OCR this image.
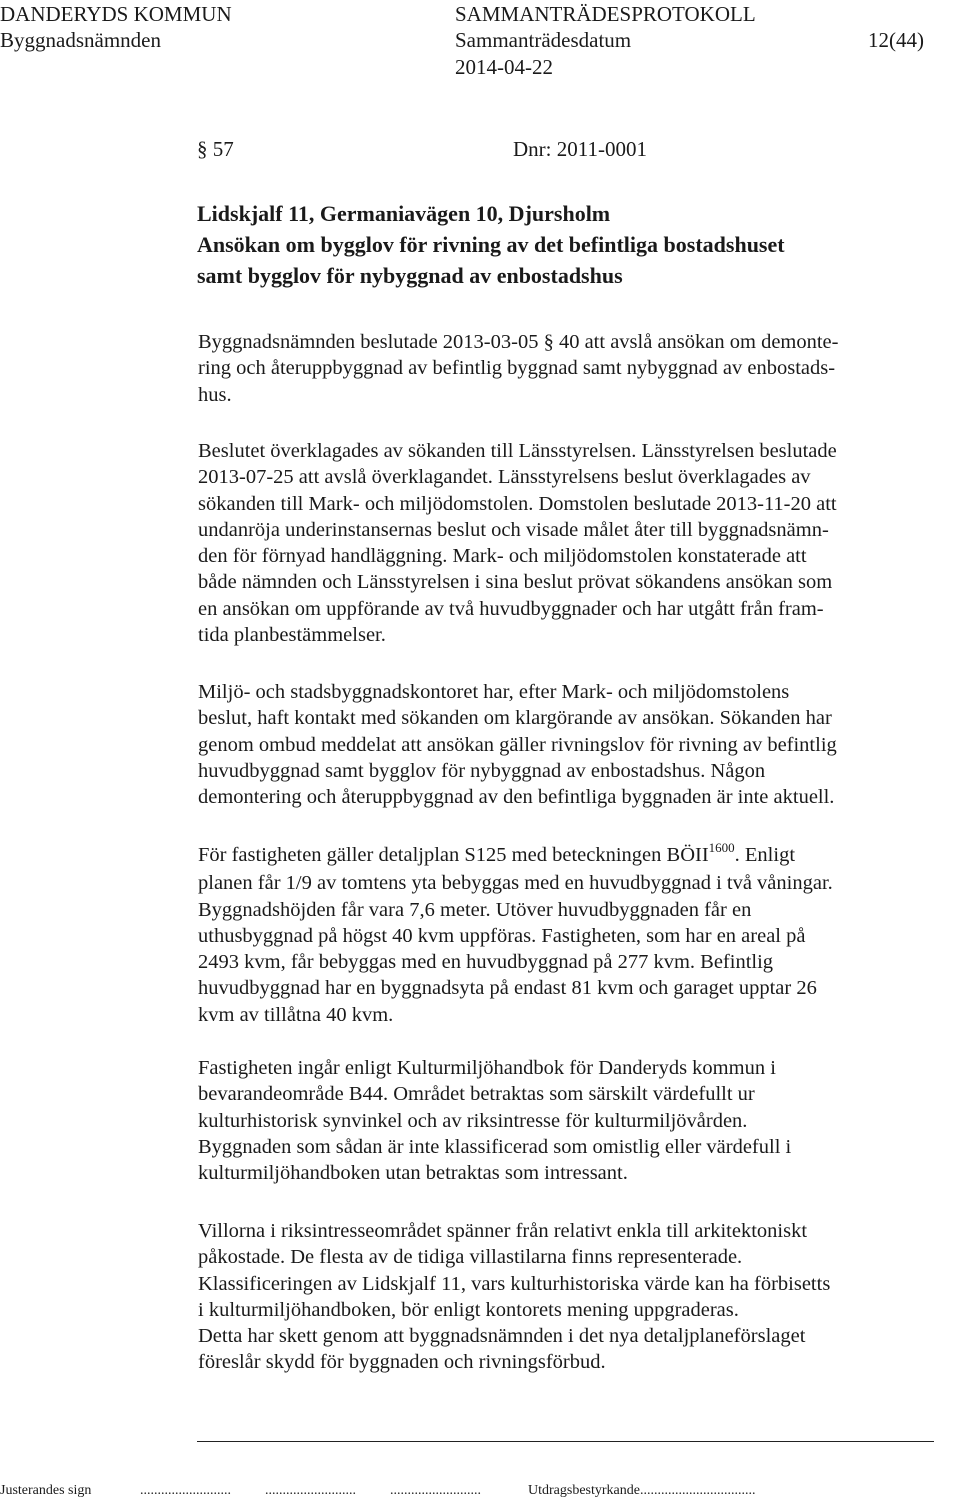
DANDERYDS KOMMUN	SAMMANTRÄDESPROTOKOLL
Byggnadsnämnden	Sammanträdesdatum	12(44)
2014-04-22
§ 57	Dnr: 2011-0001
Lidskjalf 11, Germaniavägen 10, Djursholm
Ansökan om bygglov för rivning av det befintliga bostadshuset
samt bygglov för nybyggnad av enbostadshus
Byggnadsnämnden beslutade 2013-03-05 § 40 att avslå ansökan om demonte-
ring och återuppbyggnad av befintlig byggnad samt nybyggnad av enbostads-
hus.
Beslutet överklagades av sökanden till Länsstyrelsen. Länsstyrelsen beslutade
2013-07-25 att avslå överklagandet. Länsstyrelsens beslut överklagades av
sökanden till Mark- och miljödomstolen. Domstolen beslutade 2013-11-20 att
undanröja underinstansernas beslut och visade målet åter till byggnadsnämn-
den för förnyad handläggning. Mark- och miljödomstolen konstaterade att
både nämnden och Länsstyrelsen i sina beslut prövat sökandens ansökan som
en ansökan om uppförande av två huvudbyggnader och har utgått från fram-
tida planbestämmelser.
Miljö- och stadsbyggnadskontoret har, efter Mark- och miljödomstolens
beslut, haft kontakt med sökanden om klargörande av ansökan. Sökanden har
genom ombud meddelat att ansökan gäller rivningslov för rivning av befintlig
huvudbyggnad samt bygglov för nybyggnad av enbostadshus. Någon
demontering och återuppbyggnad av den befintliga byggnaden är inte aktuell.
För fastigheten gäller detaljplan S125 med beteckningen $BÖII^{1600}$. Enligt
planen får 1/9 av tomtens yta bebyggas med en huvudbyggnad i två våningar.
Byggnadshöjden får vara 7,6 meter. Utöver huvudbyggnaden får en
uthusbyggnad på högst 40 kvm uppföras. Fastigheten, som har en areal på
2493 kvm, får bebyggas med en huvudbyggnad på 277 kvm. Befintlig
huvudbyggnad har en byggnadsyta på endast 81 kvm och garaget upptar 26
kvm av tillåtna 40 kvm.
Fastigheten ingår enligt Kulturmiljöhandbok för Danderyds kommun i
bevarandeområde B44. Området betraktas som särskilt värdefullt ur
kulturhistorisk synvinkel och av riksintresse för kulturmiljövården.
Byggnaden som sådan är inte klassificerad som omistlig eller värdefull i
kulturmiljöhandboken utan betraktas som intressant.
Villorna i riksintresseområdet spänner från relativt enkla till arkitektoniskt
påkostade. De flesta av de tidiga villastilarna finns representerade.
Klassificeringen av Lidskjalf 11, vars kulturhistoriska värde kan ha förbisetts
i kulturmiljöhandboken, bör enligt kontorets mening uppgraderas.
Detta har skett genom att byggnadsnämnden i det nya detaljplaneförslaget
föreslår skydd för byggnaden och rivningsförbud.
Justerandes sign	.......................... .......................... ..........................	Utdragsbestyrkande.................................
